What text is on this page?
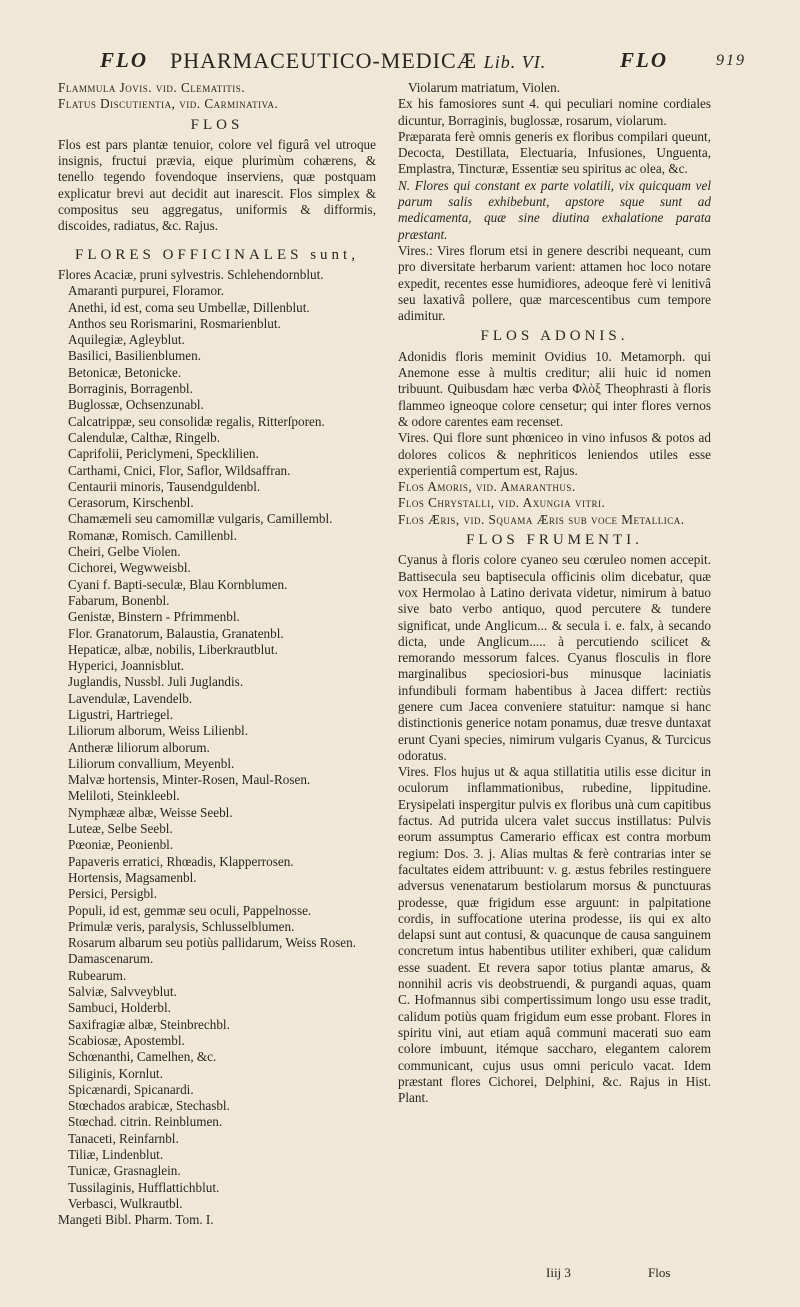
FLO PHARMACEUTICO-MEDICÆ Lib. VI.	FLO	919
Flammula Jovis. vid. Clematitis.
Flatus Discutientia, vid. Carminativa.
FLOS
Flos est pars plantæ tenuior, colore vel figurâ vel utroque insignis, fructui prævia, eique plurimùm cohærens, & tenello tegendo fovendoque inserviens, quæ postquam explicatur brevi aut decidit aut inarescit. Flos simplex & compositus seu aggregatus, uniformis & difformis, discoides, radiatus, &c. Rajus.
FLORES OFFICINALES sunt,
Flores Acaciæ, pruni sylvestris. Schlehendornblut.
Amaranti purpurei, Floramor.
Anethi, id est, coma seu Umbellæ, Dillenblut.
Anthos seu Rorismarini, Rosmarienblut.
Aquilegiæ, Agleyblut.
Basilici, Basilienblumen.
Betonicæ, Betonicke.
Borraginis, Borragenbl.
Buglossæ, Ochsenzunabl.
Calcatrippæ, seu consolidæ regalis, Ritterſporen.
Calendulæ, Calthæ, Ringelb.
Caprifolii, Periclymeni, Specklilien.
Carthami, Cnici, Flor, Saflor, Wildsaffran.
Centaurii minoris, Tausendguldenbl.
Cerasorum, Kirschenbl.
Chamæmeli seu camomillæ vulgaris, Camillembl.
Romanæ, Romisch. Camillenbl.
Cheiri, Gelbe Violen.
Cichorei, Wegwweisbl.
Cyani f. Bapti-seculæ, Blau Kornblumen.
Fabarum, Bonenbl.
Genistæ, Binstern - Pfrimmenbl.
Flor. Granatorum, Balaustia, Granatenbl.
Hepaticæ, albæ, nobilis, Liberkrautblut.
Hyperici, Joannisblut.
Juglandis, Nussbl. Juli Juglandis.
Lavendulæ, Lavendelb.
Ligustri, Hartriegel.
Liliorum alborum, Weiss Lilienbl.
Antheræ liliorum alborum.
Liliorum convallium, Meyenbl.
Malvæ hortensis, Minter-Rosen, Maul-Rosen.
Meliloti, Steinkleebl.
Nymphææ albæ, Weisse Seebl.
Luteæ, Selbe Seebl.
Pœoniæ, Peonienbl.
Papaveris erratici, Rhœadis, Klapperrosen.
Hortensis, Magsamenbl.
Persici, Persigbl.
Populi, id est, gemmæ seu oculi, Pappelnosse.
Primulæ veris, paralysis, Schlusselblumen.
Rosarum albarum seu potiùs pallidarum, Weiss Rosen.
Damascenarum.
Rubearum.
Salviæ, Salvveyblut.
Sambuci, Holderbl.
Saxifragiæ albæ, Steinbrechbl.
Scabiosæ, Apostembl.
Schœnanthi, Camelhen, &c.
Siliginis, Kornlut.
Spicænardi, Spicanardi.
Stœchados arabicæ, Stechasbl.
Stœchad. citrin. Reinblumen.
Tanaceti, Reinfarnbl.
Tiliæ, Lindenblut.
Tunicæ, Grasnaglein.
Tussilaginis, Hufflattichblut.
Verbasci, Wulkrautbl.
Mangeti Bibl. Pharm. Tom. I.
Violarum matriatum, Violen.
Ex his famosiores sunt 4. qui peculiari nomine cordiales dicuntur, Borraginis, buglossæ, rosarum, violarum.
Præparata ferè omnis generis ex floribus compilari queunt, Decocta, Destillata, Electuaria, Infusiones, Unguenta, Emplastra, Tincturæ, Essentiæ seu spiritus ac olea, &c.
N. Flores qui constant ex parte volatili, vix quicquam vel parum salis exhibebunt, apstore sque sunt ad medicamenta, quæ sine diutina exhalatione parata præstant.
Vires.: Vires florum etsi in genere describi nequeant, cum pro diversitate herbarum varient: attamen hoc loco notare expedit, recentes esse humidiores, adeoque ferè vi lenitivâ seu laxativâ pollere, quæ marcescentibus cum tempore adimitur.
FLOS ADONIS.
Adonidis floris meminit Ovidius 10. Metamorph. qui Anemone esse à multis creditur; alii huic id nomen tribuunt. Quibusdam hæc verba Φλὸξ Theophrasti à floris flammeo igneoque colore censetur; qui inter flores vernos & odore carentes eam recenset.
Vires. Qui flore sunt phœniceo in vino infusos & potos ad dolores colicos & nephriticos leniendos utiles esse experientiâ compertum est, Rajus.
Flos Amoris, vid. Amaranthus.
Flos Chrystalli, vid. Axungia vitri.
Flos Æris, vid. Squama Æris sub voce Metallica.
FLOS FRUMENTI.
Cyanus à floris colore cyaneo seu cœruleo nomen accepit. Battisecula seu baptisecula officinis olim dicebatur, quæ vox Hermolao à Latino derivata videtur, nimirum à batuo sive bato verbo antiquo, quod percutere & tundere significat, unde Anglicum... & secula i. e. falx, à secando dicta, unde Anglicum..... à percutiendo scilicet & remorando messorum falces. Cyanus flosculis in flore marginalibus speciosiori-bus minusque laciniatis infundibuli formam habentibus à Jacea differt: rectiùs genere cum Jacea conveniere statuitur: namque si hanc distinctionis generice notam ponamus, duæ tresve duntaxat erunt Cyani species, nimirum vulgaris Cyanus, & Turcicus odoratus.
Vires. Flos hujus ut & aqua stillatitia utilis esse dicitur in oculorum inflammationibus, rubedine, lippitudine. Erysipelati inspergitur pulvis ex floribus unà cum capitibus factus. Ad putrida ulcera valet succus instillatus: Pulvis eorum assumptus Camerario efficax est contra morbum regium: Dos. 3. j. Alias multas & ferè contrarias inter se facultates eidem attribuunt: v. g. æstus febriles restinguere adversus venenatarum bestiolarum morsus & punctuuras prodesse, quæ frigidum esse arguunt: in palpitatione cordis, in suffocatione uterina prodesse, iis qui ex alto delapsi sunt aut contusi, & quacunque de causa sanguinem concretum intus habentibus utiliter exhiberi, quæ calidum esse suadent. Et revera sapor totius plantæ amarus, & nonnihil acris vis deobstruendi, & purgandi aquas, quam C. Hofmannus sibi compertissimum longo usu esse tradit, calidum potiùs quam frigidum eum esse probant. Flores in spiritu vini, aut etiam aquâ communi macerati suo eam colore imbuunt, itémque saccharo, elegantem calorem communicant, cujus usus omni periculo vacat. Idem præstant flores Cichorei, Delphini, &c. Rajus in Hist. Plant.
Iiij 3	Flos
